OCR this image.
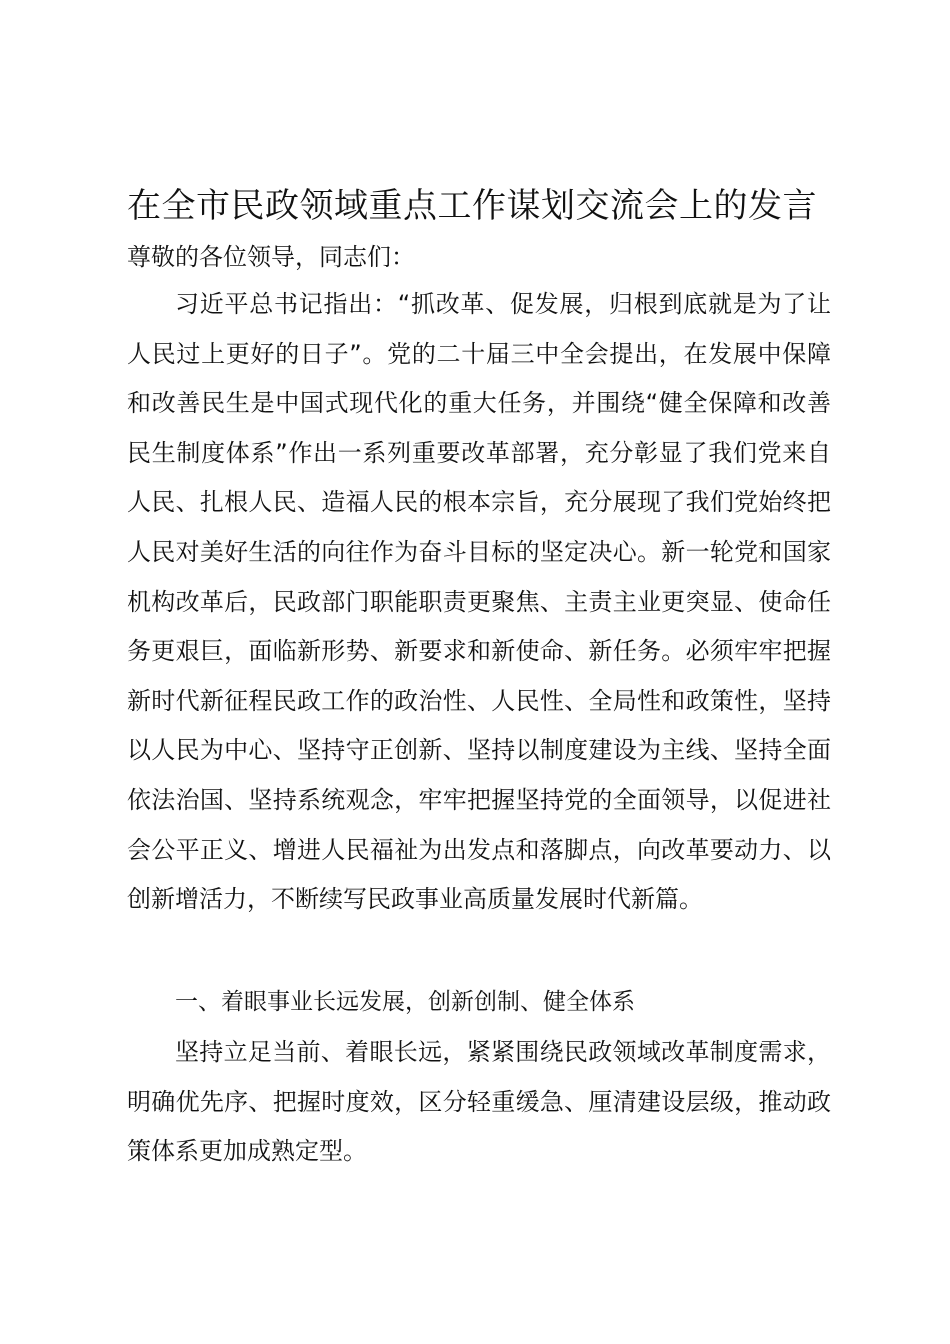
在全市民政领域重点工作谋划交流会上的发言
尊敬的各位领导，同志们：

习近平总书记指出：“抓改革、促发展，归根到底就是为了让人民过上更好的日子”。党的二十届三中全会提出，在发展中保障和改善民生是中国式现代化的重大任务，并围绕“健全保障和改善民生制度体系”作出一系列重要改革部署，充分彰显了我们党来自人民、扎根人民、造福人民的根本宗旨，充分展现了我们党始终把人民对美好生活的向往作为奋斗目标的坚定决心。新一轮党和国家机构改革后，民政部门职能职责更聚焦、主责主业更突显、使命任务更艰巨，面临新形势、新要求和新使命、新任务。必须牢牢把握新时代新征程民政工作的政治性、人民性、全局性和政策性，坚持以人民为中心、坚持守正创新、坚持以制度建设为主线、坚持全面依法治国、坚持系统观念，牢牢把握坚持党的全面领导，以促进社会公平正义、增进人民福祉为出发点和落脚点，向改革要动力、以创新增活力，不断续写民政事业高质量发展时代新篇。

一、着眼事业长远发展，创新创制、健全体系

坚持立足当前、着眼长远，紧紧围绕民政领域改革制度需求，明确优先序、把握时度效，区分轻重缓急、厘清建设层级，推动政策体系更加成熟定型。
